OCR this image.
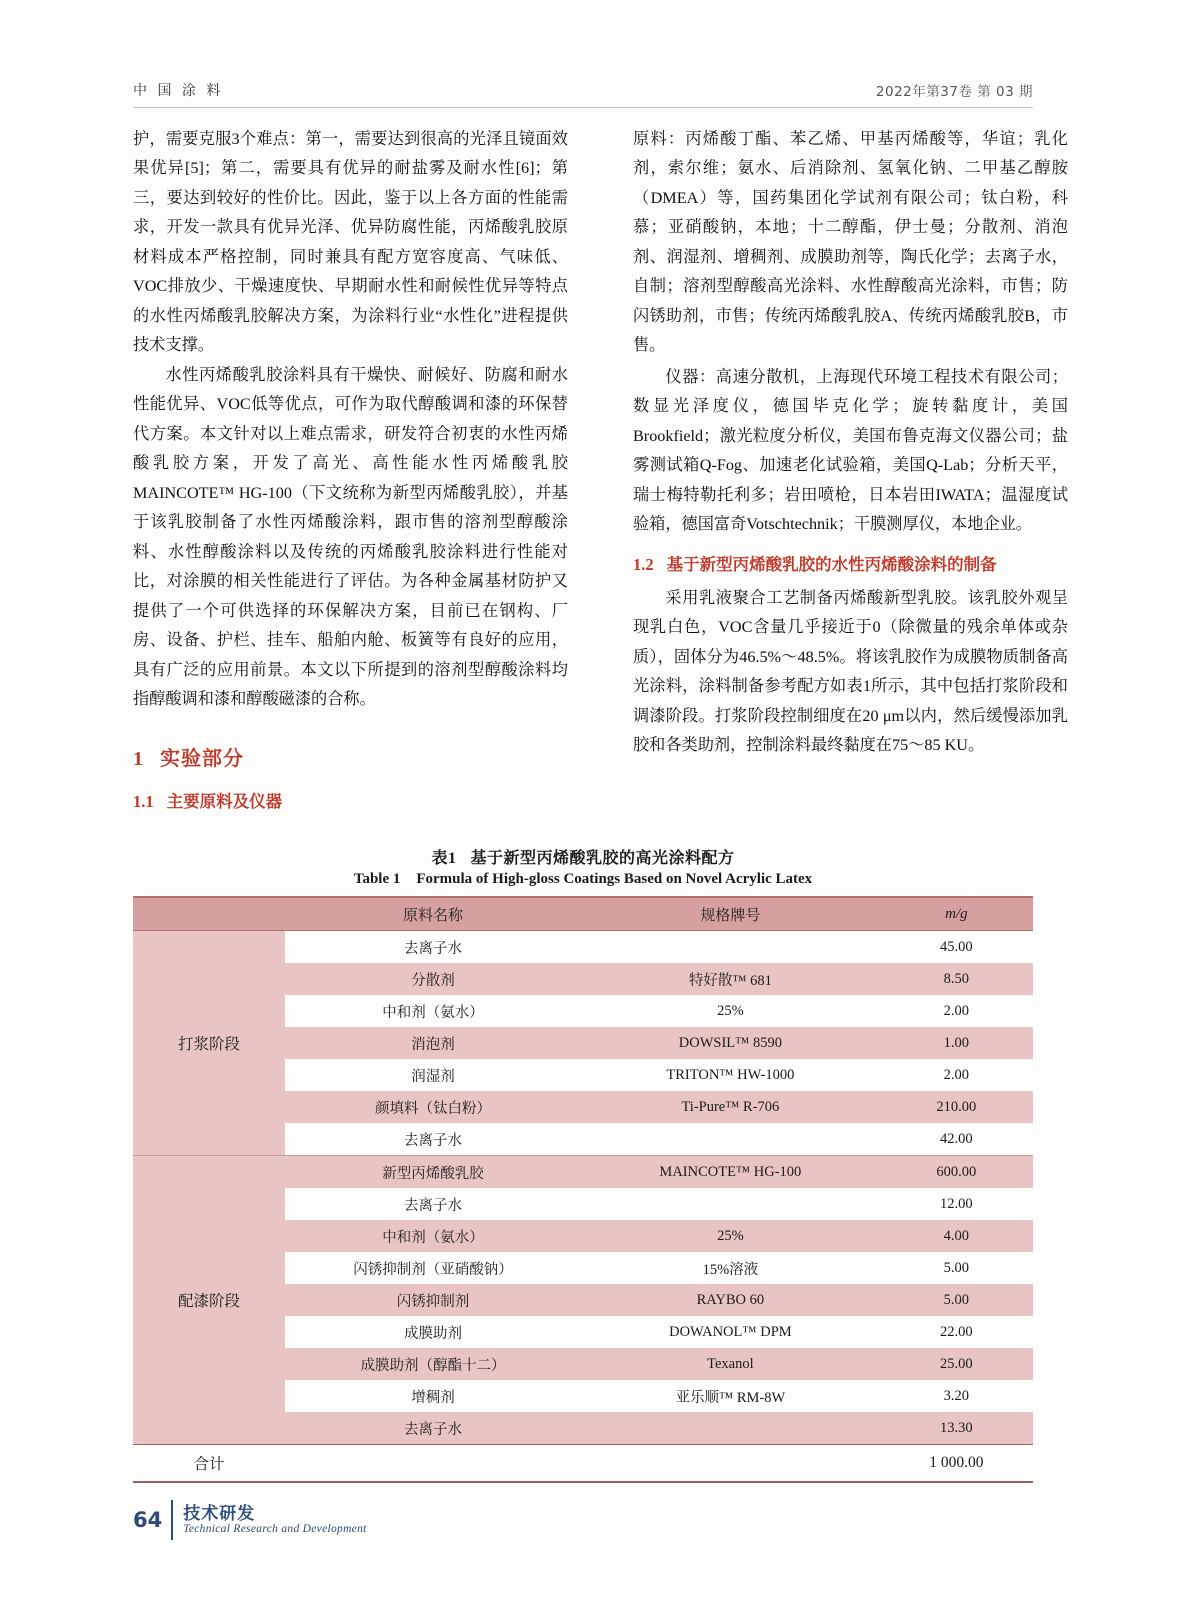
中 国 涂 料	2022年第37卷 第 03 期

护，需要克服3个难点：第一，需要达到很高的光泽且镜面效果优异[5]；第二，需要具有优异的耐盐雾及耐水性[6]；第三，要达到较好的性价比。因此，鉴于以上各方面的性能需求，开发一款具有优异光泽、优异防腐性能，丙烯酸乳胶原材料成本严格控制，同时兼具有配方宽容度高、气味低、VOC排放少、干燥速度快、早期耐水性和耐候性优异等特点的水性丙烯酸乳胶解决方案，为涂料行业“水性化”进程提供技术支撑。

水性丙烯酸乳胶涂料具有干燥快、耐候好、防腐和耐水性能优异、VOC低等优点，可作为取代醇酸调和漆的环保替代方案。本文针对以上难点需求，研发符合初衷的水性丙烯酸乳胶方案，开发了高光、高性能水性丙烯酸乳胶MAINCOTE™ HG-100（下文统称为新型丙烯酸乳胶），并基于该乳胶制备了水性丙烯酸涂料，跟市售的溶剂型醇酸涂料、水性醇酸涂料以及传统的丙烯酸乳胶涂料进行性能对比，对涂膜的相关性能进行了评估。为各种金属基材防护又提供了一个可供选择的环保解决方案，目前已在钢构、厂房、设备、护栏、挂车、船舶内舱、板簧等有良好的应用，具有广泛的应用前景。本文以下所提到的溶剂型醇酸涂料均指醇酸调和漆和醇酸磁漆的合称。

1 实验部分
1.1 主要原料及仪器

原料：丙烯酸丁酯、苯乙烯、甲基丙烯酸等，华谊；乳化剂，索尔维；氨水、后消除剂、氢氧化钠、二甲基乙醇胺（DMEA）等，国药集团化学试剂有限公司；钛白粉，科慕；亚硝酸钠，本地；十二醇酯，伊士曼；分散剂、消泡剂、润湿剂、增稠剂、成膜助剂等，陶氏化学；去离子水，自制；溶剂型醇酸高光涂料、水性醇酸高光涂料，市售；防闪锈助剂，市售；传统丙烯酸乳胶A、传统丙烯酸乳胶B，市售。

仪器：高速分散机，上海现代环境工程技术有限公司；数显光泽度仪，德国毕克化学；旋转黏度计，美国Brookfield；激光粒度分析仪，美国布鲁克海文仪器公司；盐雾测试箱Q-Fog、加速老化试验箱，美国Q-Lab；分析天平，瑞士梅特勒托利多；岩田喷枪，日本岩田IWATA；温湿度试验箱，德国富奇Votschtechnik；干膜测厚仪，本地企业。

1.2 基于新型丙烯酸乳胶的水性丙烯酸涂料的制备

采用乳液聚合工艺制备丙烯酸新型乳胶。该乳胶外观呈现乳白色，VOC含量几乎接近于0（除微量的残余单体或杂质），固体分为46.5%～48.5%。将该乳胶作为成膜物质制备高光涂料，涂料制备参考配方如表1所示，其中包括打浆阶段和调漆阶段。打浆阶段控制细度在20 μm以内，然后缓慢添加乳胶和各类助剂，控制涂料最终黏度在75～85 KU。

表1 基于新型丙烯酸乳胶的高光涂料配方
Table 1 Formula of High-gloss Coatings Based on Novel Acrylic Latex
	原料名称	规格牌号	m/g
打浆阶段	去离子水		45.00
	分散剂	特好散™ 681	8.50
	中和剂（氨水）	25%	2.00
	消泡剂	DOWSIL™ 8590	1.00
	润湿剂	TRITON™ HW-1000	2.00
	颜填料（钛白粉）	Ti-Pure™ R-706	210.00
	去离子水		42.00
配漆阶段	新型丙烯酸乳胶	MAINCOTE™ HG-100	600.00
	去离子水		12.00
	中和剂（氨水）	25%	4.00
	闪锈抑制剂（亚硝酸钠）	15%溶液	5.00
	闪锈抑制剂	RAYBO 60	5.00
	成膜助剂	DOWANOL™ DPM	22.00
	成膜助剂（醇酯十二）	Texanol	25.00
	增稠剂	亚乐顺™ RM-8W	3.20
	去离子水		13.30
合计			1 000.00
64 技术研发
Technical Research and Development
